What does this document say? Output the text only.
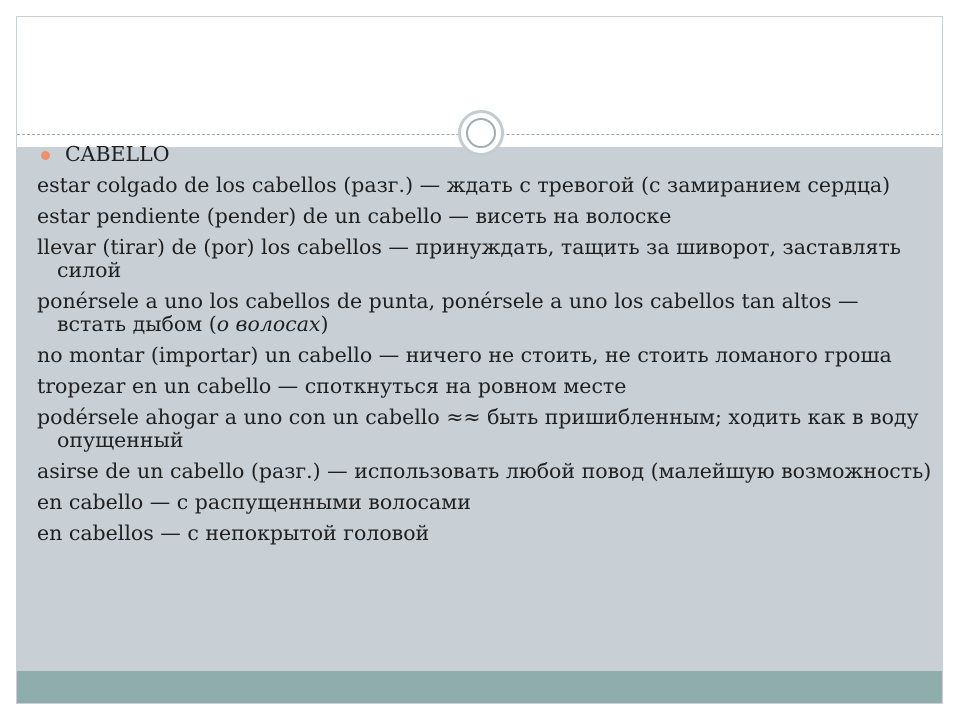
CABELLO
estar colgado de los cabellos (разг.) — ждать с тревогой (с замиранием сердца)
estar pendiente (pender) de un cabello — висеть на волоске
llevar (tirar) de (por) los cabellos — принуждать, тащить за шиворот, заставлять силой
ponérsele a uno los cabellos de punta, ponérsele a uno los cabellos tan altos — встать дыбом (о волосах)
no montar (importar) un cabello — ничего не стоить, не стоить ломаного гроша
tropezar en un cabello — споткнуться на ровном месте
podérsele ahogar a uno con un cabello ≈≈ быть пришибленным; ходить как в воду опущенный
asirse de un cabello (разг.) — использовать любой повод (малейшую возможность)
en cabello — с распущенными волосами
en cabellos — с непокрытой головой
